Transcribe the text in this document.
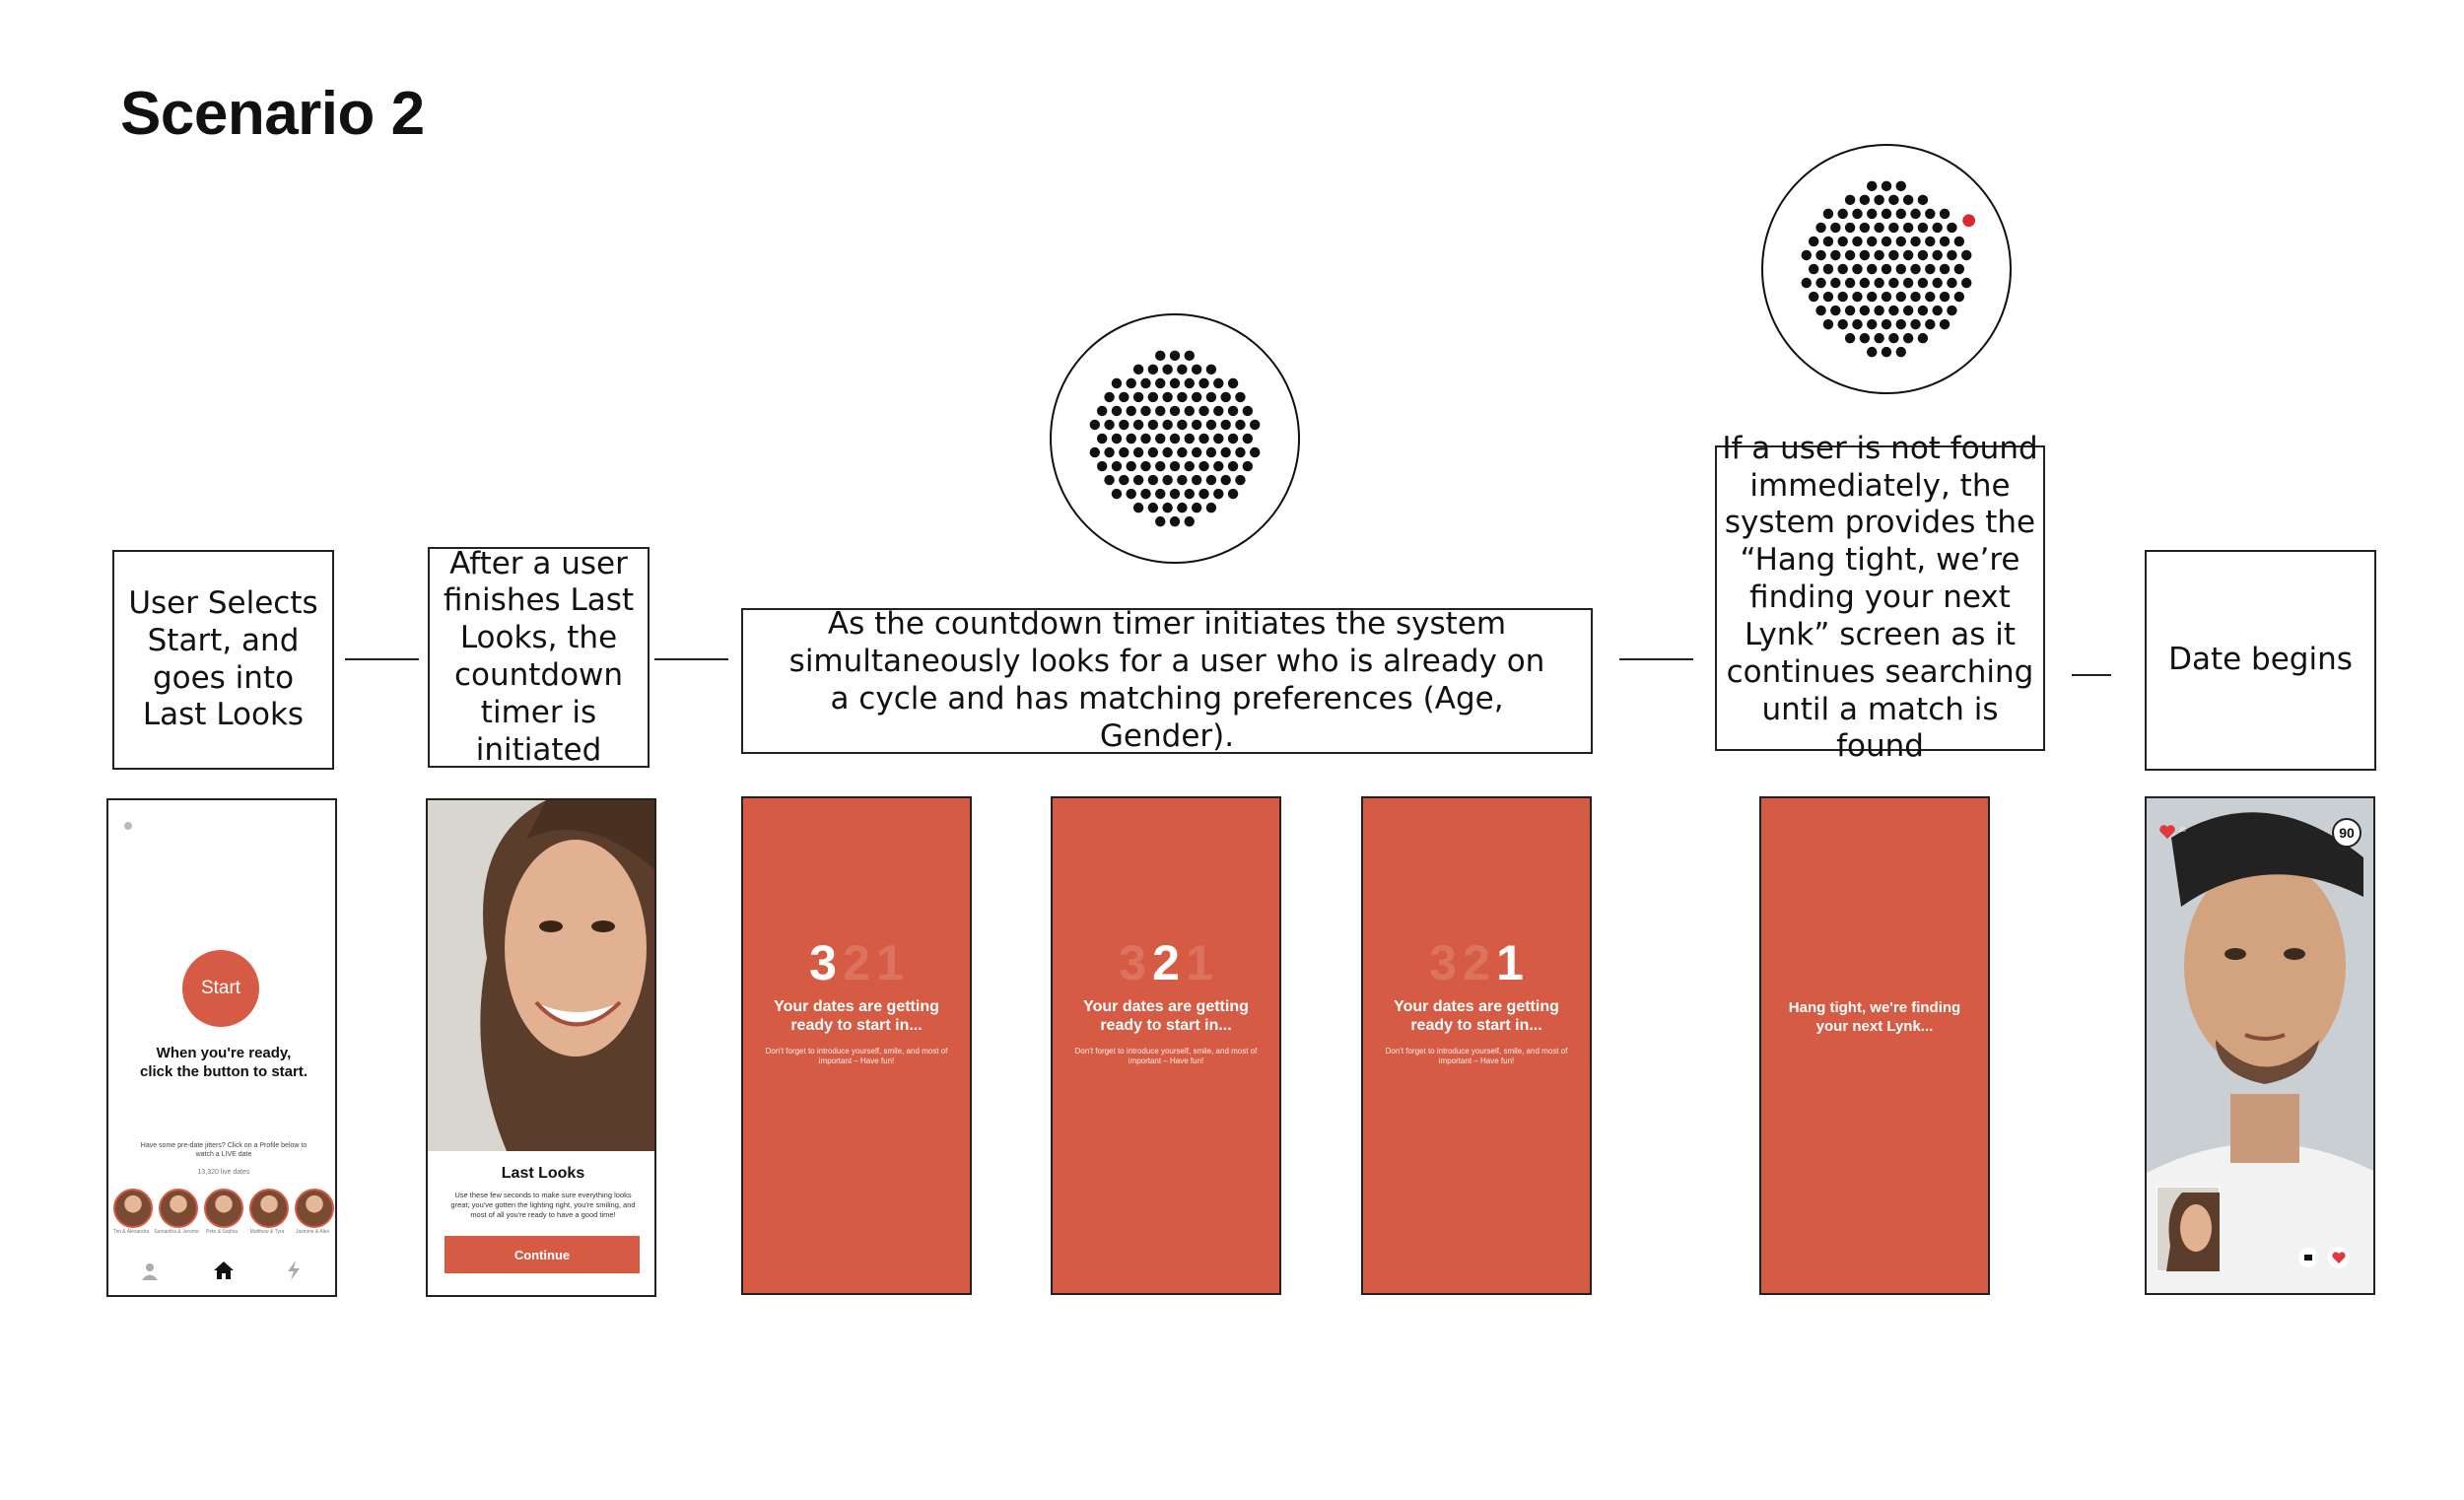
Scenario 2
User Selects Start, and goes into Last Looks
After a user finishes Last Looks, the countdown timer is initiated
As the countdown timer initiates the system simultaneously looks for a user who is already on a cycle and has matching preferences (Age, Gender).
If a user is not found immediately, the system provides the “Hang tight, we’re finding your next Lynk” screen as it continues searching until a match is found
Date begins
Start
When you're ready, click the button to start.
Have some pre-date jitters? Click on a Profile below to watch a LIVE date
13,320 live dates
Tim & Alexandra Samantha & Jerome	Pete & Sophia	Matthew & Tyra	Jasmine & Alex
Last Looks
Use these few seconds to make sure everything looks great; you've gotten the lighting right, you're smiling, and most of all you're ready to have a good time!
Continue
3 2 1
Your dates are getting ready to start in...
Don't forget to introduce yourself, smile, and most of important – Have fun!
3 2 1
Your dates are getting ready to start in...
Don't forget to introduce yourself, smile, and most of important – Have fun!
3 2 1
Your dates are getting ready to start in...
Don't forget to introduce yourself, smile, and most of important – Have fun!
Hang tight, we're finding your next Lynk...
20	90
